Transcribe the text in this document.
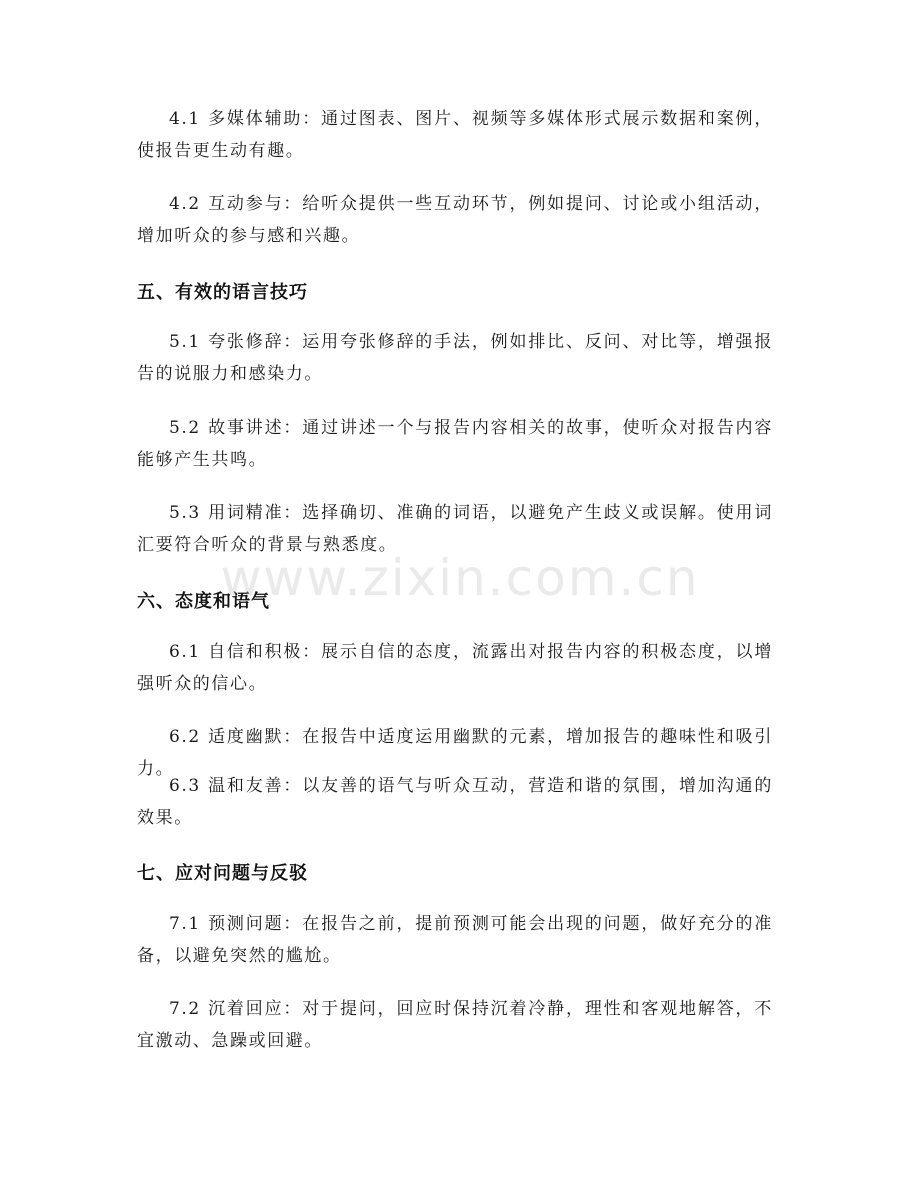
4.1 多媒体辅助：通过图表、图片、视频等多媒体形式展示数据和案例，使报告更生动有趣。

4.2 互动参与：给听众提供一些互动环节，例如提问、讨论或小组活动，增加听众的参与感和兴趣。

五、有效的语言技巧

5.1 夸张修辞：运用夸张修辞的手法，例如排比、反问、对比等，增强报告的说服力和感染力。

5.2 故事讲述：通过讲述一个与报告内容相关的故事，使听众对报告内容能够产生共鸣。

5.3 用词精准：选择确切、准确的词语，以避免产生歧义或误解。使用词汇要符合听众的背景与熟悉度。

六、态度和语气

6.1 自信和积极：展示自信的态度，流露出对报告内容的积极态度，以增强听众的信心。

6.2 适度幽默：在报告中适度运用幽默的元素，增加报告的趣味性和吸引力。

6.3 温和友善：以友善的语气与听众互动，营造和谐的氛围，增加沟通的效果。

七、应对问题与反驳

7.1 预测问题：在报告之前，提前预测可能会出现的问题，做好充分的准备，以避免突然的尴尬。

7.2 沉着回应：对于提问，回应时保持沉着冷静，理性和客观地解答，不宜激动、急躁或回避。

www.zixin.com.cn
